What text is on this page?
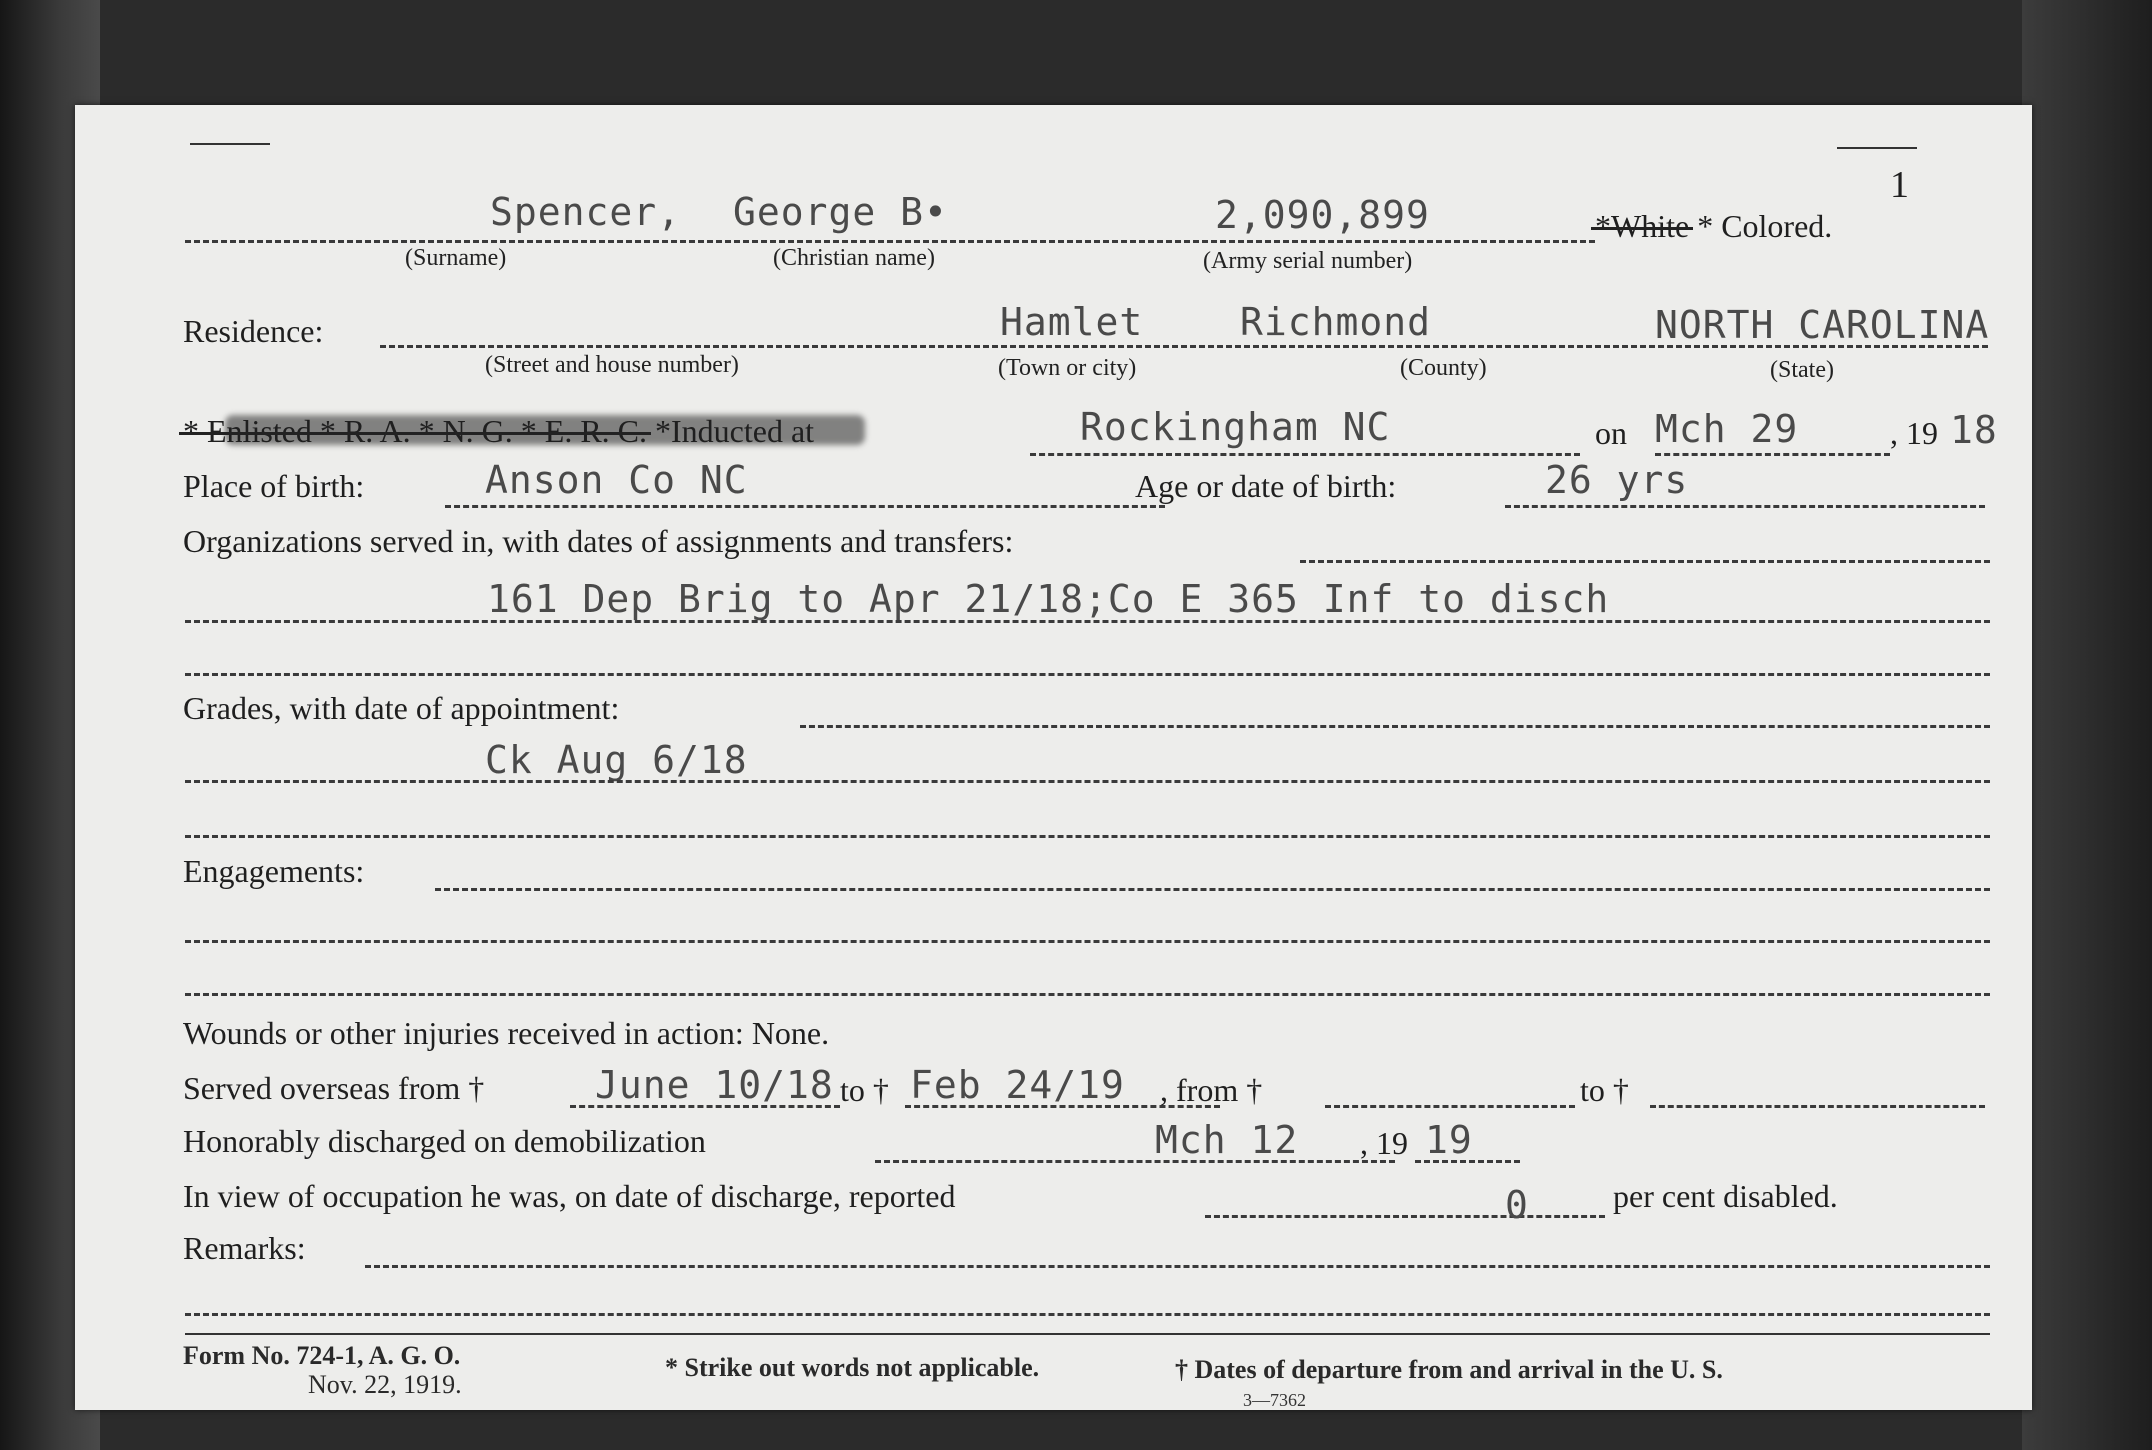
1
Spencer, George B•	2,090,899	*White * Colored.
(Surname)	(Christian name)	(Army serial number)
Residence:	Hamlet	Richmond	NORTH CAROLINA
(Street and house number)	(Town or city)	(County)	(State)
* Enlisted * R. A. * N. G. * E. R. C. *Inducted at	Rockingham NC	on Mch 29	, 19 18
Place of birth:	Anson Co NC	Age or date of birth:	26 yrs
Organizations served in, with dates of assignments and transfers:
161 Dep Brig to Apr 21/18;Co E 365 Inf to disch
Grades, with date of appointment:
Ck Aug 6/18
Engagements:
Wounds or other injuries received in action: None.
Served overseas from †	June 10/18 to † Feb 24/19 , from †	to †
Honorably discharged on demobilization	Mch 12 , 19 19
In view of occupation he was, on date of discharge, reported	0	per cent disabled.
Remarks:
Form No. 724-1, A. G. O.
Nov. 22, 1919.
* Strike out words not applicable.	† Dates of departure from and arrival in the U. S.
3—7362
